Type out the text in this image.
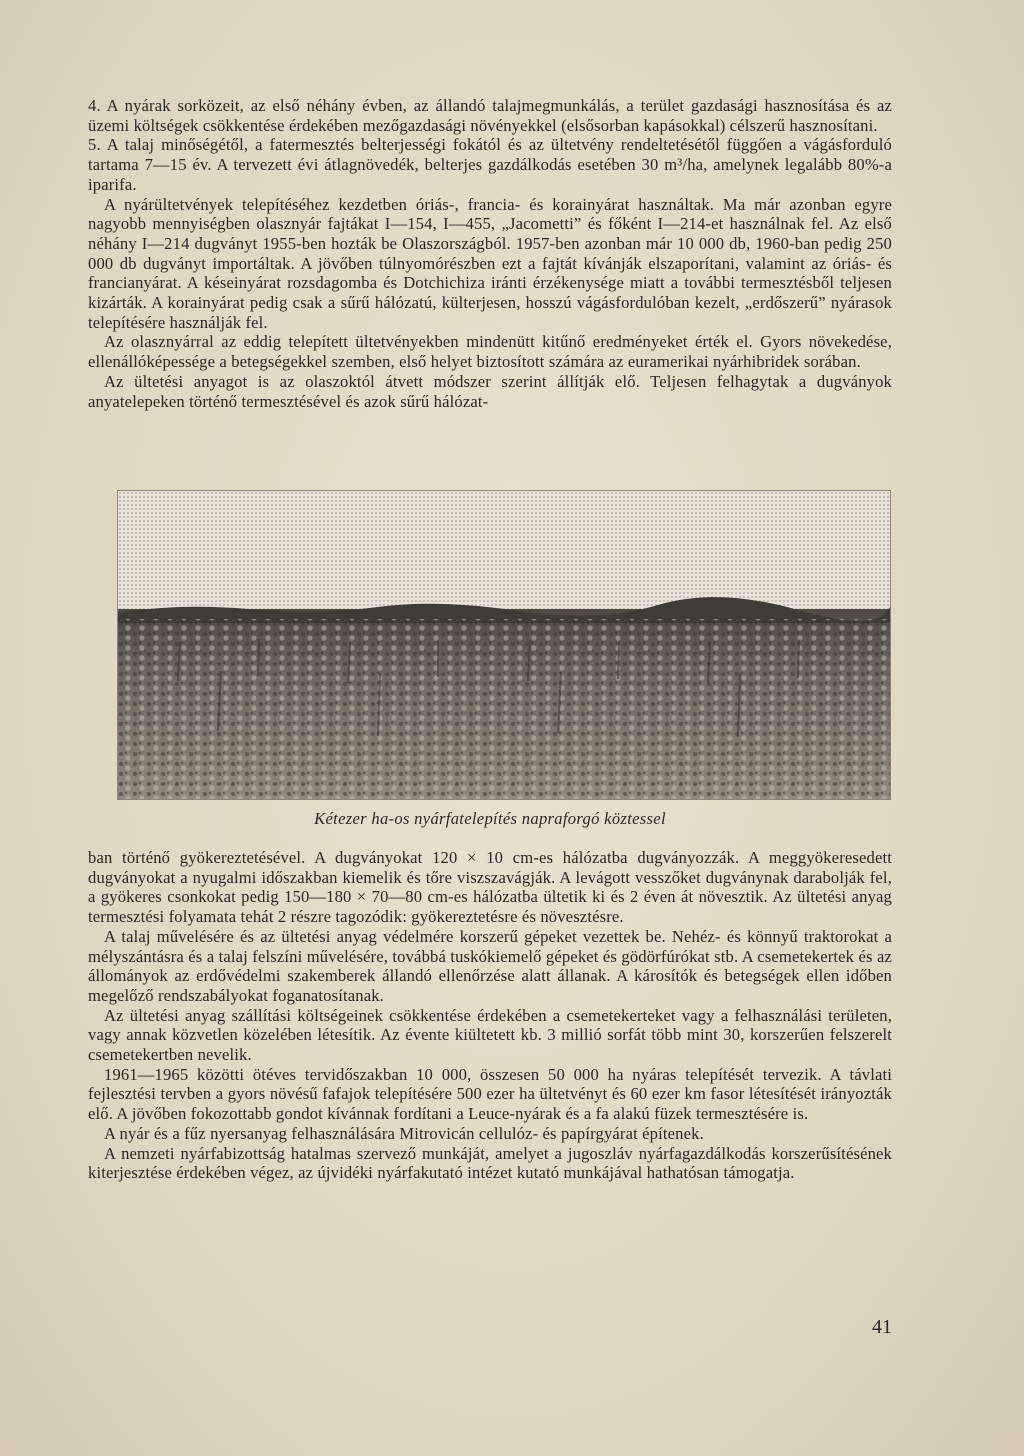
4. A nyárak sorközeit, az első néhány évben, az állandó talajmegmunkálás, a terület gazdasági hasznosítása és az üzemi költségek csökkentése érdekében mezőgazdasági növényekkel (elsősorban kapásokkal) célszerű hasznosítani.

5. A talaj minőségétől, a fatermesztés belterjességi fokától és az ültetvény rendeltetésétől függően a vágásforduló tartama 7—15 év. A tervezett évi átlagnövedék, belterjes gazdálkodás esetében 30 m³/ha, amelynek legalább 80%-a iparifa.

A nyárültetvények telepítéséhez kezdetben óriás-, francia- és korainyárat használtak. Ma már azonban egyre nagyobb mennyiségben olasznyár fajtákat I—154, I—455, „Jacometti” és főként I—214-et használnak fel. Az első néhány I—214 dugványt 1955-ben hozták be Olaszországból. 1957-ben azonban már 10 000 db, 1960-ban pedig 250 000 db dugványt importáltak. A jövőben túlnyomórészben ezt a fajtát kívánják elszaporítani, valamint az óriás- és francianyárat. A késeinyárat rozsdagomba és Dotchichiza iránti érzékenysége miatt a további termesztésből teljesen kizárták. A korainyárat pedig csak a sűrű hálózatú, külterjesen, hosszú vágásfordulóban kezelt, „erdőszerű” nyárasok telepítésére használják fel.

Az olasznyárral az eddig telepített ültetvényekben mindenütt kitűnő eredményeket érték el. Gyors növekedése, ellenállóképessége a betegségekkel szemben, első helyet biztosított számára az euramerikai nyárhibridek sorában.

Az ültetési anyagot is az olaszoktól átvett módszer szerint állítják elő. Teljesen felhagytak a dugványok anyatelepeken történő termesztésével és azok sűrű hálózat-

Kétezer ha-os nyárfatelepítés napraforgó köztessel

ban történő gyökereztetésével. A dugványokat 120 × 10 cm-es hálózatba dugványozzák. A meggyökeresedett dugványokat a nyugalmi időszakban kiemelik és tőre viszszavágják. A levágott vesszőket dugványnak darabolják fel, a gyökeres csonkokat pedig 150—180 × 70—80 cm-es hálózatba ültetik ki és 2 éven át növesztik. Az ültetési anyag termesztési folyamata tehát 2 részre tagozódik: gyökereztetésre és növesztésre.

A talaj művelésére és az ültetési anyag védelmére korszerű gépeket vezettek be. Nehéz- és könnyű traktorokat a mélyszántásra és a talaj felszíni művelésére, továbbá tuskókiemelő gépeket és gödörfúrókat stb. A csemetekertek és az állományok az erdővédelmi szakemberek állandó ellenőrzése alatt állanak. A károsítók és betegségek ellen időben megelőző rendszabályokat foganatosítanak.

Az ültetési anyag szállítási költségeinek csökkentése érdekében a csemetekerteket vagy a felhasználási területen, vagy annak közvetlen közelében létesítik. Az évente kiültetett kb. 3 millió sorfát több mint 30, korszerűen felszerelt csemetekertben nevelik.

1961—1965 közötti ötéves tervidőszakban 10 000, összesen 50 000 ha nyáras telepítését tervezik. A távlati fejlesztési tervben a gyors növésű fafajok telepítésére 500 ezer ha ültetvényt és 60 ezer km fasor létesítését irányozták elő. A jövőben fokozottabb gondot kívánnak fordítani a Leuce-nyárak és a fa alakú füzek termesztésére is.

A nyár és a fűz nyersanyag felhasználására Mitrovicán cellulóz- és papírgyárat építenek.

A nemzeti nyárfabizottság hatalmas szervező munkáját, amelyet a jugoszláv nyárfagazdálkodás korszerűsítésének kiterjesztése érdekében végez, az újvidéki nyárfakutató intézet kutató munkájával hathatósan támogatja.

41
